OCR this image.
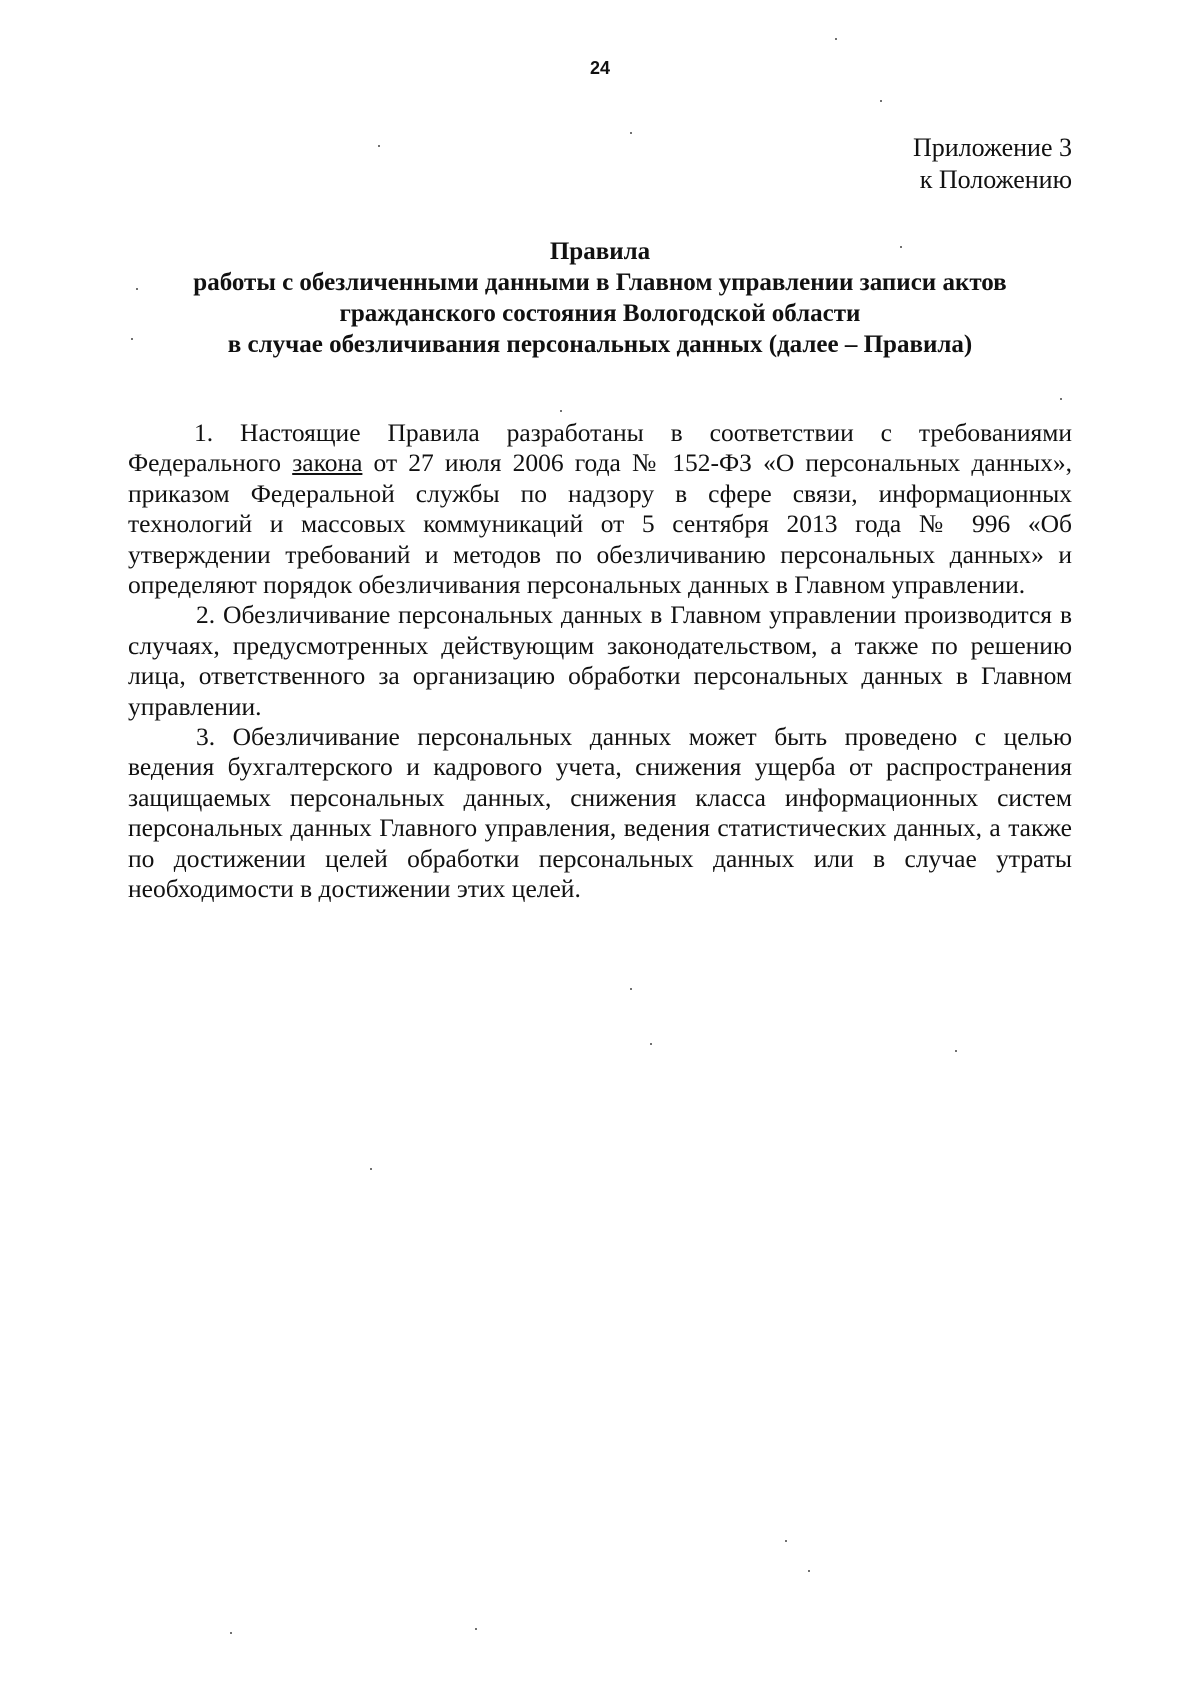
24
Приложение 3
к Положению
Правила
работы с обезличенными данными в Главном управлении записи актов
гражданского состояния Вологодской области
в случае обезличивания персональных данных (далее – Правила)

1. Настоящие Правила разработаны в соответствии с требованиями Федерального закона от 27 июля 2006 года № 152-ФЗ «О персональных данных», приказом Федеральной службы по надзору в сфере связи, информационных технологий и массовых коммуникаций от 5 сентября 2013 года № 996 «Об утверждении требований и методов по обезличиванию персональных данных» и определяют порядок обезличивания персональных данных в Главном управлении.

2. Обезличивание персональных данных в Главном управлении производится в случаях, предусмотренных действующим законодательством, а также по решению лица, ответственного за организацию обработки персональных данных в Главном управлении.

3. Обезличивание персональных данных может быть проведено с целью ведения бухгалтерского и кадрового учета, снижения ущерба от распространения защищаемых персональных данных, снижения класса информационных систем персональных данных Главного управления, ведения статистических данных, а также по достижении целей обработки персональных данных или в случае утраты необходимости в достижении этих целей.
